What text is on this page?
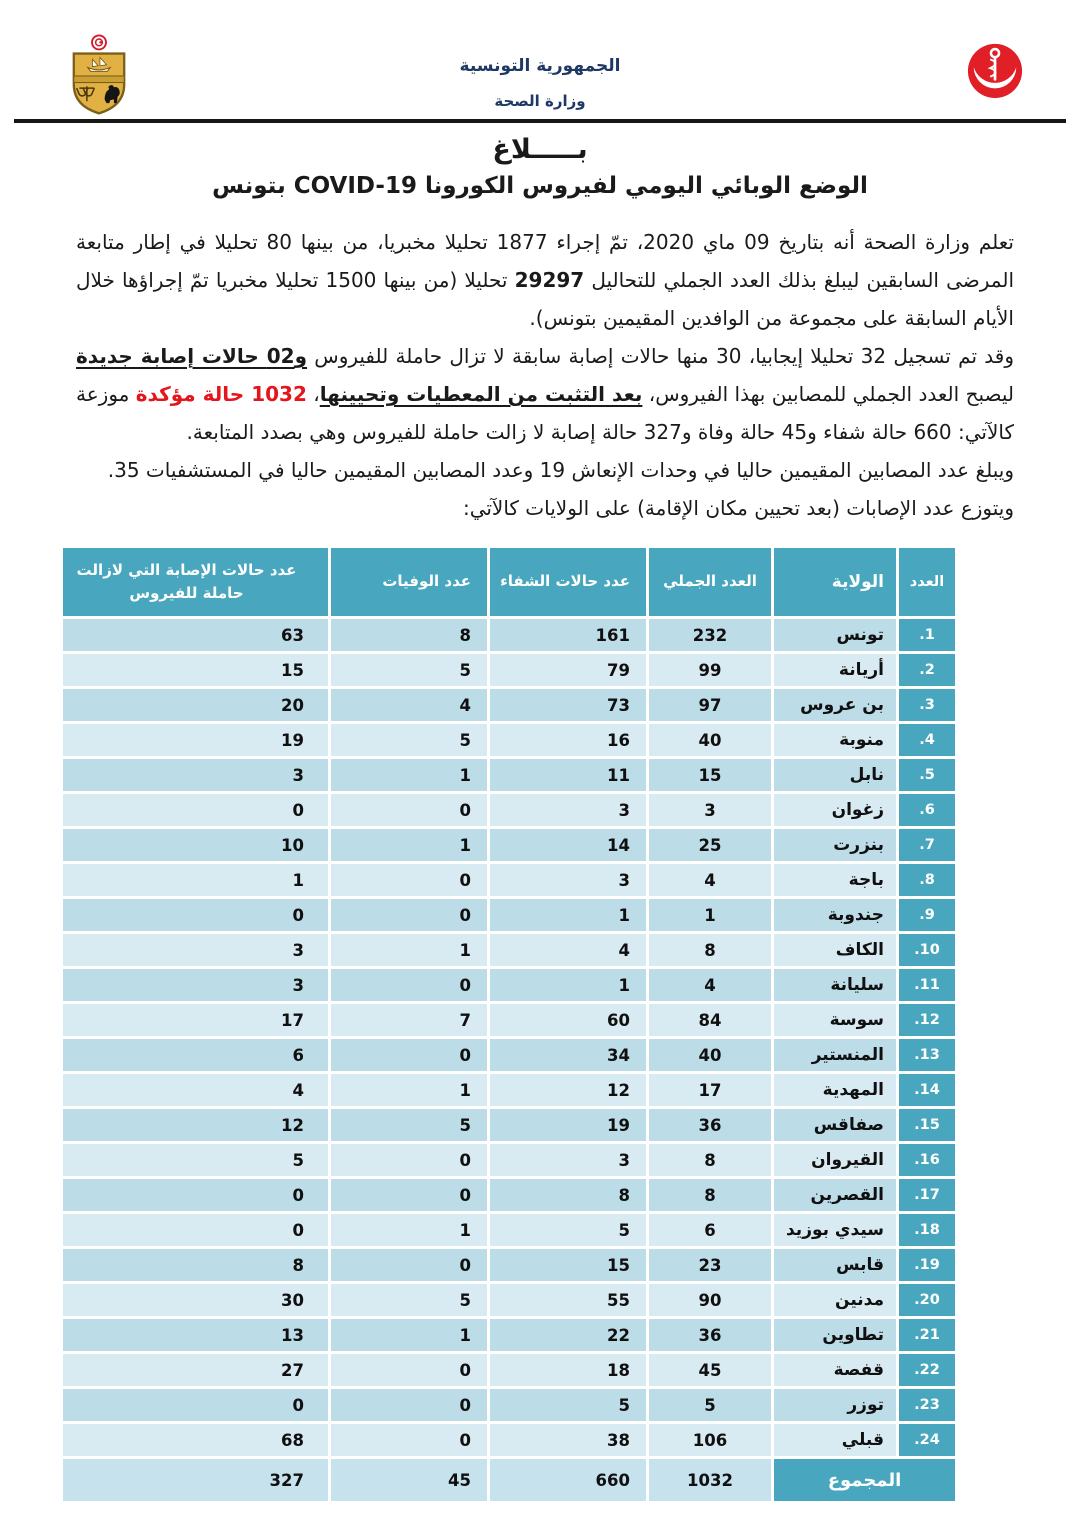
الجمهورية التونسية
وزارة الصحة
بـــــلاغ
الوضع الوبائي اليومي لفيروس الكورونا COVID-19 بتونس

تعلم وزارة الصحة أنه بتاريخ 09 ماي 2020، تمّ إجراء 1877 تحليلا مخبريا، من بينها 80 تحليلا في إطار متابعة المرضى السابقين ليبلغ بذلك العدد الجملي للتحاليل 29297 تحليلا (من بينها 1500 تحليلا مخبريا تمّ إجراؤها خلال الأيام السابقة على مجموعة من الوافدين المقيمين بتونس).

وقد تم تسجيل 32 تحليلا إيجابيا، 30 منها حالات إصابة سابقة لا تزال حاملة للفيروس و02 حالات إصابة جديدة ليصبح العدد الجملي للمصابين بهذا الفيروس، بعد التثبت من المعطيات وتحيينها، 1032 حالة مؤكدة موزعة كالآتي: 660 حالة شفاء و45 حالة وفاة و327 حالة إصابة لا زالت حاملة للفيروس وهي بصدد المتابعة.

ويبلغ عدد المصابين المقيمين حاليا في وحدات الإنعاش 19 وعدد المصابين المقيمين حاليا في المستشفيات 35.

ويتوزع عدد الإصابات (بعد تحيين مكان الإقامة) على الولايات كالآتي:

العدد
الولاية
العدد الجملي
عدد حالات الشفاء
عدد الوفيات
عدد حالات الإصابة التي لازالت حاملة للفيروس
1.
تونس
232
161
8
63
2.
أريانة
99
79
5
15
3.
بن عروس
97
73
4
20
4.
منوبة
40
16
5
19
5.
نابل
15
11
1
3
6.
زغوان
3
3
0
0
7.
بنزرت
25
14
1
10
8.
باجة
4
3
0
1
9.
جندوبة
1
1
0
0
10.
الكاف
8
4
1
3
11.
سليانة
4
1
0
3
12.
سوسة
84
60
7
17
13.
المنستير
40
34
0
6
14.
المهدية
17
12
1
4
15.
صفاقس
36
19
5
12
16.
القيروان
8
3
0
5
17.
القصرين
8
8
0
0
18.
سيدي بوزيد
6
5
1
0
19.
قابس
23
15
0
8
20.
مدنين
90
55
5
30
21.
تطاوين
36
22
1
13
22.
قفصة
45
18
0
27
23.
توزر
5
5
0
0
24.
قبلي
106
38
0
68
المجموع
1032
660
45
327
